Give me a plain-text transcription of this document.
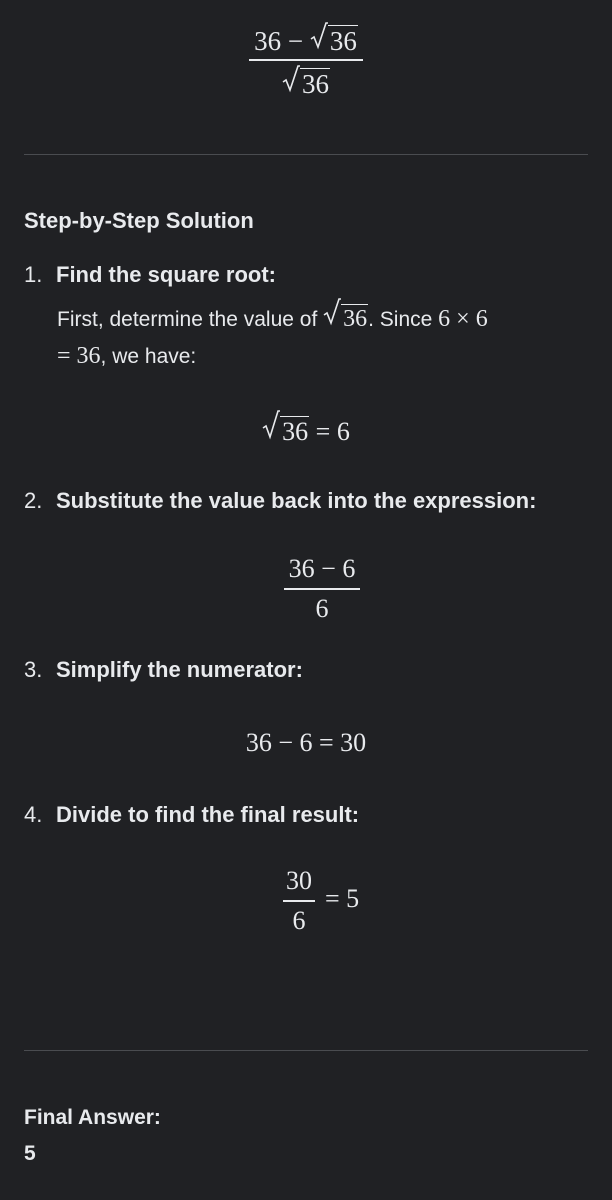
36 − 36
36
Step-by-Step Solution
1. Find the square root:
First, determine the value of
36. Since 6 × 6
= 36, we have:
36 = 6
2. Substitute the value back into the expression:
36 − 6
6
3. Simplify the numerator:
36 − 6 = 30
4. Divide to find the final result:
30
6
= 5
Final Answer:
5
